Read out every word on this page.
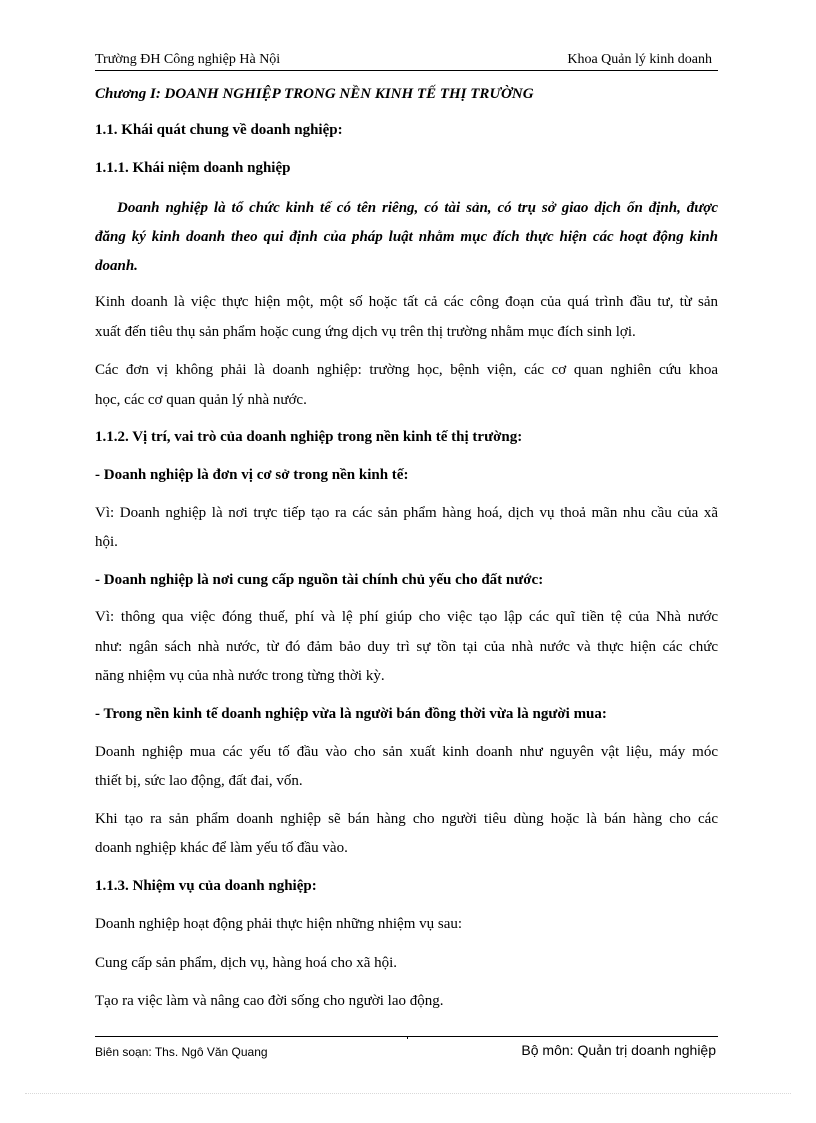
Trường ĐH Công nghiệp Hà Nội	Khoa Quản lý kinh doanh
Chương I: DOANH NGHIỆP TRONG NỀN KINH TẾ THỊ TRƯỜNG
1.1. Khái quát chung về doanh nghiệp:
1.1.1. Khái niệm doanh nghiệp
Doanh nghiệp là tổ chức kinh tế có tên riêng, có tài sản, có trụ sở giao dịch ổn định, được
đăng ký kinh doanh theo qui định của pháp luật nhằm mục đích thực hiện các hoạt động kinh
doanh.
Kinh doanh là việc thực hiện một, một số hoặc tất cả các công đoạn của quá trình đầu tư, từ sản
xuất đến tiêu thụ sản phẩm hoặc cung ứng dịch vụ trên thị trường nhằm mục đích sinh lợi.
Các đơn vị không phải là doanh nghiệp: trường học, bệnh viện, các cơ quan nghiên cứu khoa
học, các cơ quan quản lý nhà nước.
1.1.2. Vị trí, vai trò của doanh nghiệp trong nền kinh tế thị trường:
- Doanh nghiệp là đơn vị cơ sở trong nền kinh tế:
Vì: Doanh nghiệp là nơi trực tiếp tạo ra các sản phẩm hàng hoá, dịch vụ thoả mãn nhu cầu của xã
hội.
- Doanh nghiệp là nơi cung cấp nguồn tài chính chủ yếu cho đất nước:
Vì: thông qua việc đóng thuế, phí và lệ phí giúp cho việc tạo lập các quĩ tiền tệ của Nhà nước
như: ngân sách nhà nước, từ đó đảm bảo duy trì sự tồn tại của nhà nước và thực hiện các chức
năng nhiệm vụ của nhà nước trong từng thời kỳ.
- Trong nền kinh tế doanh nghiệp vừa là người bán đồng thời vừa là người mua:
Doanh nghiệp mua các yếu tố đầu vào cho sản xuất kinh doanh như nguyên vật liệu, máy móc
thiết bị, sức lao động, đất đai, vốn.
Khi tạo ra sản phẩm doanh nghiệp sẽ bán hàng cho người tiêu dùng hoặc là bán hàng cho các
doanh nghiệp khác để làm yếu tố đầu vào.
1.1.3. Nhiệm vụ của doanh nghiệp:
Doanh nghiệp hoạt động phải thực hiện những nhiệm vụ sau:
Cung cấp sản phẩm, dịch vụ, hàng hoá cho xã hội.
Tạo ra việc làm và nâng cao đời sống cho người lao động.
Biên soạn: Ths. Ngô Văn Quang	Bộ môn: Quản trị doanh nghiệp
